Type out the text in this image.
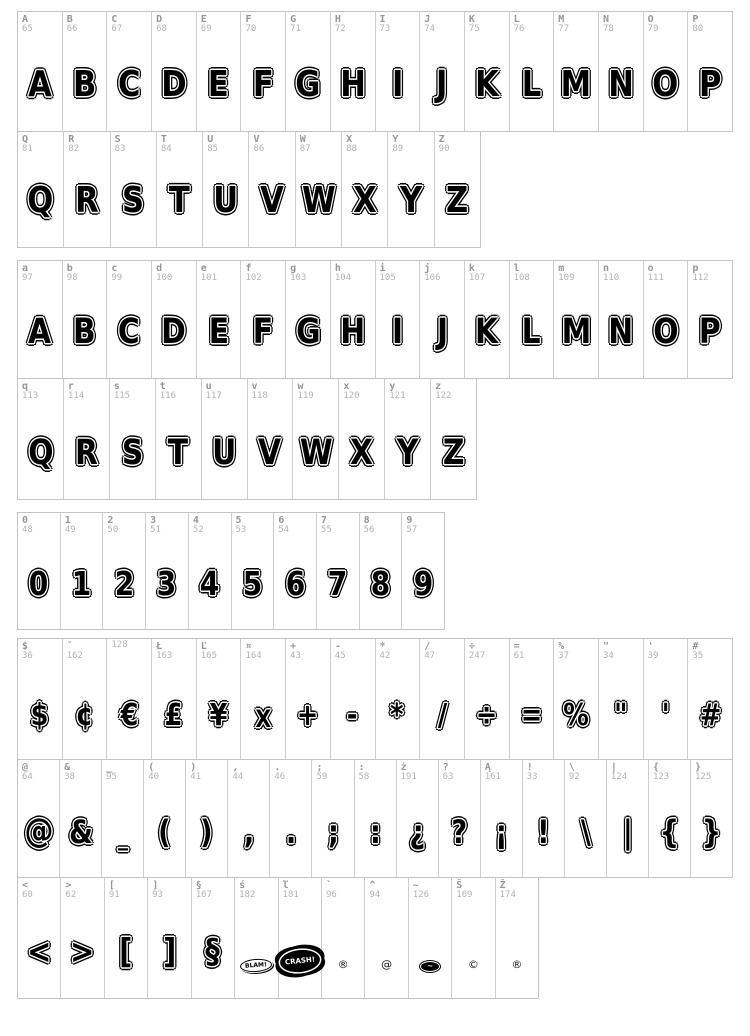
A
65
A
B
66
B
C
67
C
D
68
D
E
69
E
F
70
F
G
71
G
H
72
H
I
73
I
J
74
J
K
75
K
L
76
L
M
77
M
N
78
N
O
79
O
P
80
P
Q
81
Q
R
82
R
S
83
S
T
84
T
U
85
U
V
86
V
W
87
W
X
88
X
Y
89
Y
Z
90
Z
a
97
A
b
98
B
c
99
C
d
100
D
e
101
E
f
102
F
g
103
G
h
104
H
i
105
I
j
106
J
k
107
K
l
108
L
m
109
M
n
110
N
o
111
O
p
112
P
q
113
Q
r
114
R
s
115
S
t
116
T
u
117
U
v
118
V
w
119
W
x
120
X
y
121
Y
z
122
Z
0
48
0
1
49
1
2
50
2
3
51
3
4
52
4
5
53
5
6
54
6
7
55
7
8
56
8
9
57
9
$
36
$
˘
162
¢
128
€
Ł
163
£
Ľ
165
¥
¤
164
X
+
43
+
-
45
-
*
42
*
/
47
/
÷
247
÷
=
61
=
%
37
%
"
34
"
'
39
'
#
35
#
@
64
@
&
38
&
_
95
_
(
40
(
)
41
)
,
44
,
.
46
.
;
59
;
:
58
:
ż
191
¿
?
63
?
Ą
161
¡
!
33
!
\
92
\
|
124
|
{
123
{
}
125
}
<
60
<
>
62
>
[
91
[
]
93
]
§
167
§
ś
182
BLAM!
ľ
181
CRASH!
`
96
®
^
94
@
~
126
~
Š
169
©
Ž
174
®
